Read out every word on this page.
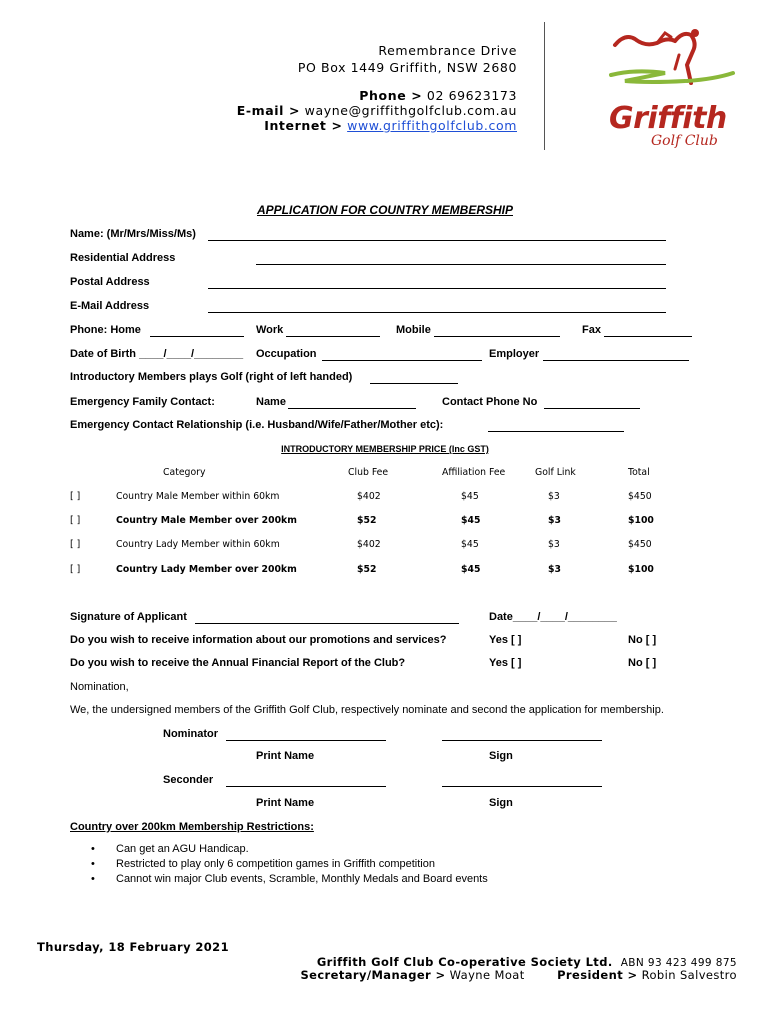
Remembrance Drive
PO Box 1449 Griffith, NSW 2680
Phone > 02 69623173
E-mail > wayne@griffithgolfclub.com.au
Internet > www.griffithgolfclub.com	Griffith
Golf Club
APPLICATION FOR COUNTRY MEMBERSHIP
Name: (Mr/Mrs/Miss/Ms)
Residential Address
Postal Address
E-Mail Address
Phone: Home	Work	Mobile	Fax
Date of Birth ____/____/________ Occupation	Employer
Introductory Members plays Golf (right of left handed)
Emergency Family Contact:	Name	Contact Phone No
Emergency Contact Relationship (i.e. Husband/Wife/Father/Mother etc):
INTRODUCTORY MEMBERSHIP PRICE (Inc GST)
Category	Club Fee	Affiliation Fee	Golf Link	Total
[ ]	Country Male Member within 60km	$402	$45	$3	$450
[ ]	Country Male Member over 200km	$52	$45	$3	$100
[ ]	Country Lady Member within 60km	$402	$45	$3	$450
[ ]	Country Lady Member over 200km	$52	$45	$3	$100
Signature of Applicant	Date____/____/________
Do you wish to receive information about our promotions and services?	Yes [ ]	No [ ]
Do you wish to receive the Annual Financial Report of the Club?	Yes [ ]	No [ ]
Nomination,
We, the undersigned members of the Griffith Golf Club, respectively nominate and second the application for membership.
Nominator
Print Name	Sign
Seconder
Print Name	Sign
Country over 200km Membership Restrictions:
• Can get an AGU Handicap.
• Restricted to play only 6 competition games in Griffith competition
• Cannot win major Club events, Scramble, Monthly Medals and Board events
Thursday, 18 February 2021
Griffith Golf Club Co-operative Society Ltd. ABN 93 423 499 875
Secretary/Manager > Wayne Moat	President > Robin Salvestro
